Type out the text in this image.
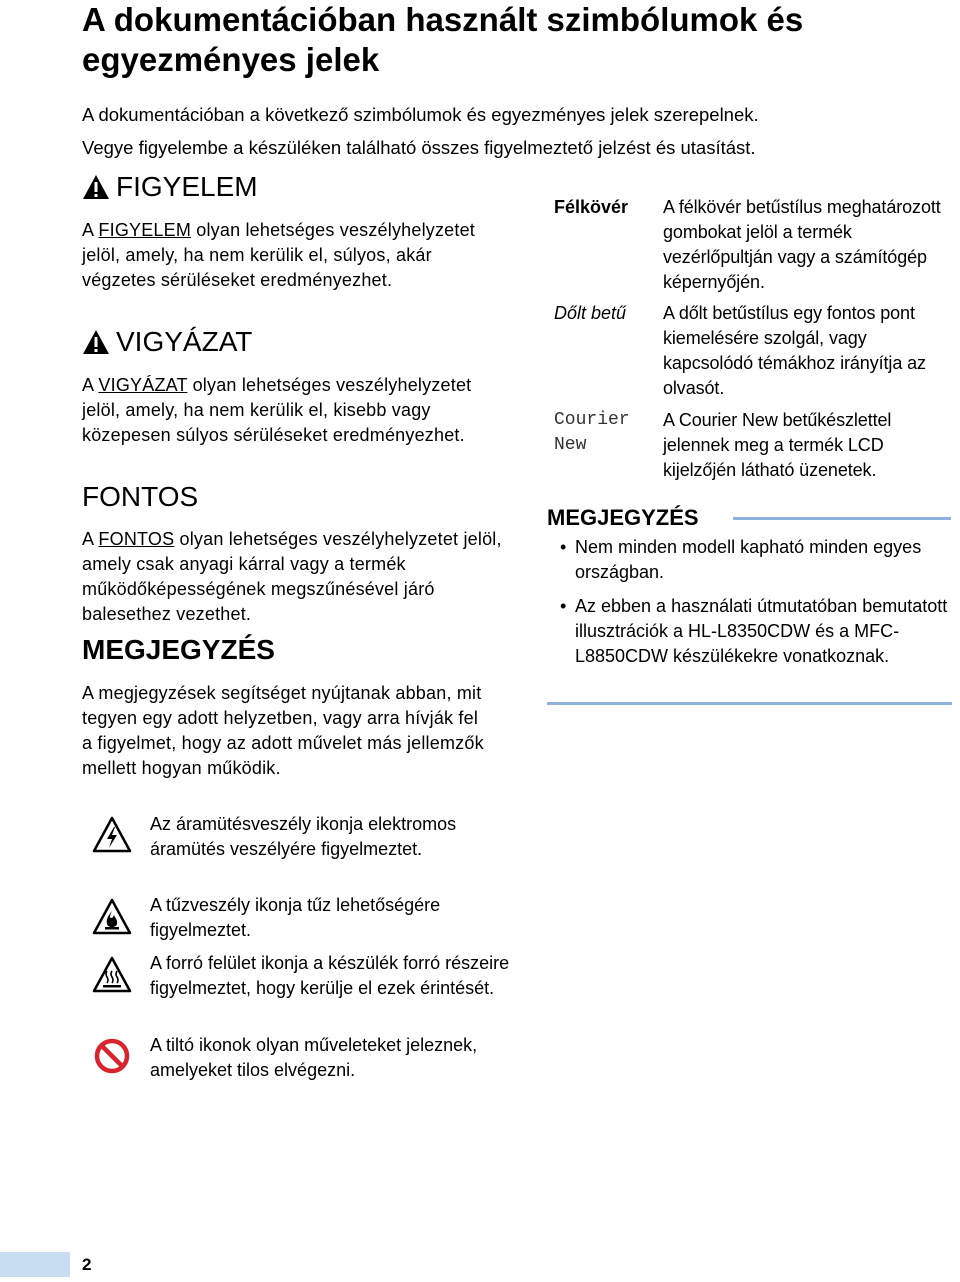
A dokumentációban használt szimbólumok és egyezményes jelek
A dokumentációban a következő szimbólumok és egyezményes jelek szerepelnek.
Vegye figyelembe a készüléken található összes figyelmeztető jelzést és utasítást.
FIGYELEM
A FIGYELEM olyan lehetséges veszélyhelyzetet jelöl, amely, ha nem kerülik el, súlyos, akár végzetes sérüléseket eredményezhet.
VIGYÁZAT
A VIGYÁZAT olyan lehetséges veszélyhelyzetet jelöl, amely, ha nem kerülik el, kisebb vagy közepesen súlyos sérüléseket eredményezhet.
FONTOS
A FONTOS olyan lehetséges veszélyhelyzetet jelöl, amely csak anyagi kárral vagy a termék működőképességének megszűnésével járó balesethez vezethet.
MEGJEGYZÉS
A megjegyzések segítséget nyújtanak abban, mit tegyen egy adott helyzetben, vagy arra hívják fel a figyelmet, hogy az adott művelet más jellemzők mellett hogyan működik.
Félkövér A félkövér betűstílus meghatározott gombokat jelöl a termék vezérlőpultján vagy a számítógép képernyőjén.
Dőlt betű A dőlt betűstílus egy fontos pont kiemelésére szolgál, vagy kapcsolódó témákhoz irányítja az olvasót.
Courier
New
A Courier New betűkészlettel jelennek meg a termék LCD kijelzőjén látható üzenetek.
MEGJEGYZÉS
• Nem minden modell kapható minden egyes országban.
• Az ebben a használati útmutatóban bemutatott illusztrációk a HL-L8350CDW és a MFC-L8850CDW készülékekre vonatkoznak.
Az áramütésveszély ikonja elektromos áramütés veszélyére figyelmeztet.
A tűzveszély ikonja tűz lehetőségére figyelmeztet.
A forró felület ikonja a készülék forró részeire figyelmeztet, hogy kerülje el ezek érintését.
A tiltó ikonok olyan műveleteket jeleznek, amelyeket tilos elvégezni.
2
